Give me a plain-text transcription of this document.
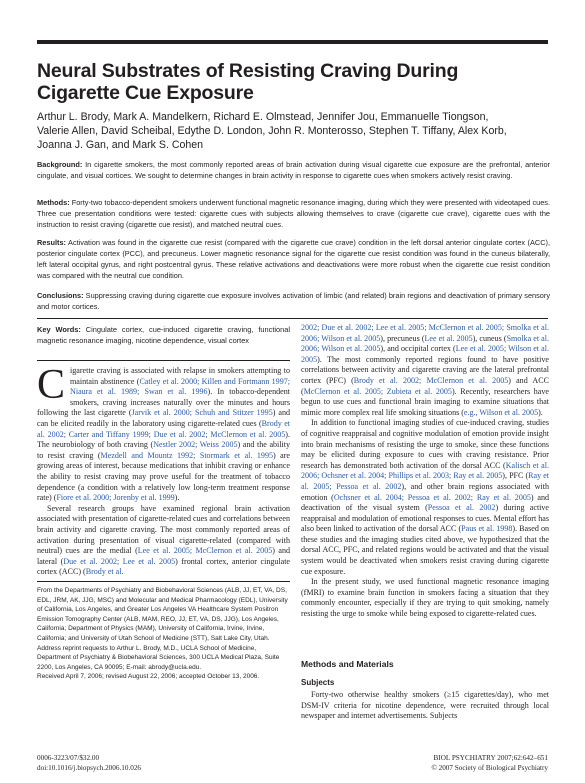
Neural Substrates of Resisting Craving During
Cigarette Cue Exposure
Arthur L. Brody, Mark A. Mandelkern, Richard E. Olmstead, Jennifer Jou, Emmanuelle Tiongson,
Valerie Allen, David Scheibal, Edythe D. London, John R. Monterosso, Stephen T. Tiffany, Alex Korb,
Joanna J. Gan, and Mark S. Cohen
Background: In cigarette smokers, the most commonly reported areas of brain activation during visual cigarette cue exposure are the prefrontal, anterior cingulate, and visual cortices. We sought to determine changes in brain activity in response to cigarette cues when smokers actively resist craving.
Methods: Forty-two tobacco-dependent smokers underwent functional magnetic resonance imaging, during which they were presented with videotaped cues. Three cue presentation conditions were tested: cigarette cues with subjects allowing themselves to crave (cigarette cue crave), cigarette cues with the instruction to resist craving (cigarette cue resist), and matched neutral cues.
Results: Activation was found in the cigarette cue resist (compared with the cigarette cue crave) condition in the left dorsal anterior cingulate cortex (ACC), posterior cingulate cortex (PCC), and precuneus. Lower magnetic resonance signal for the cigarette cue resist condition was found in the cuneus bilaterally, left lateral occipital gyrus, and right postcentral gyrus. These relative activations and deactivations were more robust when the cigarette cue resist condition was compared with the neutral cue condition.
Conclusions: Suppressing craving during cigarette cue exposure involves activation of limbic (and related) brain regions and deactivation of primary sensory and motor cortices.
Key Words: Cingulate cortex, cue-induced cigarette craving, functional magnetic resonance imaging, nicotine dependence, visual cortex

Cigarette craving is associated with relapse in smokers attempting to maintain abstinence (Catley et al. 2000; Killen and Fortmann 1997; Niaura et al. 1989; Swan et al. 1996). In tobacco-dependent smokers, craving increases naturally over the minutes and hours following the last cigarette (Jarvik et al. 2000; Schuh and Stitzer 1995) and can be elicited readily in the laboratory using cigarette-related cues (Brody et al. 2002; Carter and Tiffany 1999; Due et al. 2002; McClernon et al. 2005). The neurobiology of both craving (Nestler 2002; Weiss 2005) and the ability to resist craving (Mezdell and Mountz 1992; Stormark et al. 1995) are growing areas of interest, because medications that inhibit craving or enhance the ability to resist craving may prove useful for the treatment of tobacco dependence (a condition with a relatively low long-term treatment response rate) (Fiore et al. 2000; Jorenby et al. 1999).

Several research groups have examined regional brain activation associated with presentation of cigarette-related cues and correlations between brain activity and cigarette craving. The most commonly reported areas of activation during presentation of visual cigarette-related (compared with neutral) cues are the medial (Lee et al. 2005; McClernon et al. 2005) and lateral (Due et al. 2002; Lee et al. 2005) frontal cortex, anterior cingulate cortex (ACC) (Brody et al.

From the Departments of Psychiatry and Biobehavioral Sciences (ALB, JJ, ET, VA, DS, EDL, JRM, AK, JJG, MSC) and Molecular and Medical Pharmacology (EDL), University of California, Los Angeles, and Greater Los Angeles VA Healthcare System Positron Emission Tomography Center (ALB, MAM, REO, JJ, ET, VA, DS, JJG), Los Angeles, California; Department of Physics (MAM), University of California, Irvine, Irvine, California; and University of Utah School of Medicine (STT), Salt Lake City, Utah.

Address reprint requests to Arthur L. Brody, M.D., UCLA School of Medicine, Department of Psychiatry & Biobehavioral Sciences, 300 UCLA Medical Plaza, Suite 2200, Los Angeles, CA 90095; E-mail: abrody@ucla.edu.

Received April 7, 2006; revised August 22, 2006; accepted October 13, 2006.

2002; Due et al. 2002; Lee et al. 2005; McClernon et al. 2005; Smolka et al. 2006; Wilson et al. 2005), precuneus (Lee et al. 2005), cuneus (Smolka et al. 2006; Wilson et al. 2005), and occipital cortex (Lee et al. 2005; Wilson et al. 2005). The most commonly reported regions found to have positive correlations between activity and cigarette craving are the lateral prefrontal cortex (PFC) (Brody et al. 2002; McClernon et al. 2005) and ACC (McClernon et al. 2005; Zubieta et al. 2005). Recently, researchers have begun to use cues and functional brain imaging to examine situations that mimic more complex real life smoking situations (e.g., Wilson et al. 2005).

In addition to functional imaging studies of cue-induced craving, studies of cognitive reappraisal and cognitive modulation of emotion provide insight into brain mechanisms of resisting the urge to smoke, since these functions may be elicited during exposure to cues with craving resistance. Prior research has demonstrated both activation of the dorsal ACC (Kalisch et al. 2006; Ochsner et al. 2004; Phillips et al. 2003; Ray et al. 2005), PFC (Ray et al. 2005; Pessoa et al. 2002), and other brain regions associated with emotion (Ochsner et al. 2004; Pessoa et al. 2002; Ray et al. 2005) and deactivation of the visual system (Pessoa et al. 2002) during active reappraisal and modulation of emotional responses to cues. Mental effort has also been linked to activation of the dorsal ACC (Paus et al. 1998). Based on these studies and the imaging studies cited above, we hypothesized that the dorsal ACC, PFC, and related regions would be activated and that the visual system would be deactivated when smokers resist craving during cigarette cue exposure.

In the present study, we used functional magnetic resonance imaging (fMRI) to examine brain function in smokers facing a situation that they commonly encounter, especially if they are trying to quit smoking, namely resisting the urge to smoke while being exposed to cigarette-related cues.

Methods and Materials
Subjects
Forty-two otherwise healthy smokers (≥15 cigarettes/day), who met DSM-IV criteria for nicotine dependence, were recruited through local newspaper and internet advertisements. Subjects
0006-3223/07/$32.00
doi:10.1016/j.biopsych.2006.10.026
BIOL PSYCHIATRY 2007;62:642–651
© 2007 Society of Biological Psychiatry
